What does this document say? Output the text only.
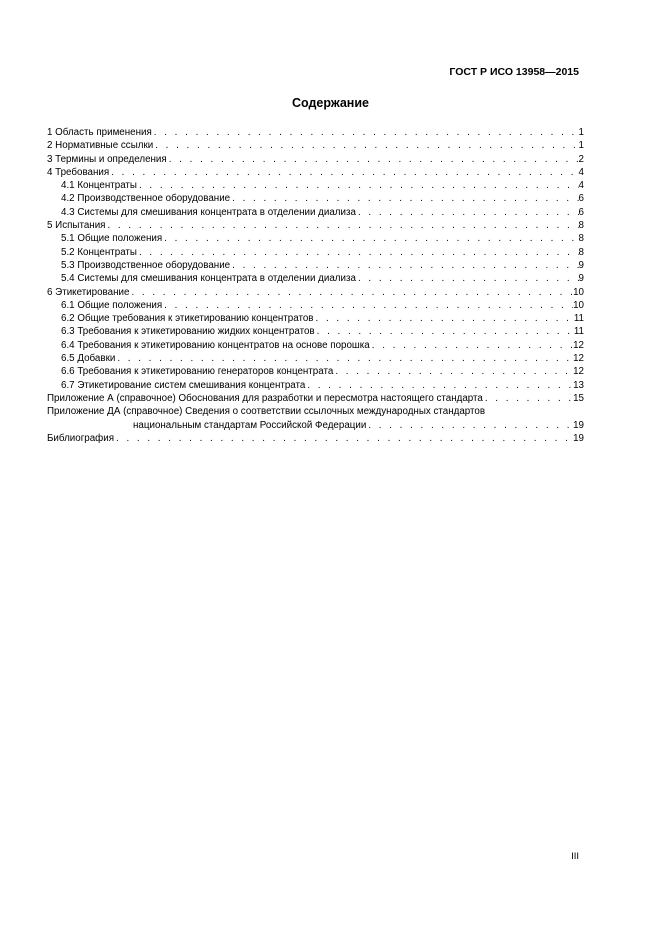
ГОСТ Р ИСО 13958—2015
Содержание
1 Область применения . . .	1
2 Нормативные ссылки . . .	1
3 Термины и определения . . .	2
4 Требования . . .	4
4.1 Концентраты . . .	4
4.2 Производственное оборудование . . .	6
4.3 Системы для смешивания концентрата в отделении диализа . . .	6
5 Испытания . . .	8
5.1 Общие положения . . .	8
5.2 Концентраты . . .	8
5.3 Производственное оборудование . . .	9
5.4 Системы для смешивания концентрата в отделении диализа . . .	9
6 Этикетирование . . .	10
6.1 Общие положения . . .	10
6.2 Общие требования к этикетированию концентратов . . .	11
6.3 Требования к этикетированию жидких концентратов . . .	11
6.4 Требования к этикетированию концентратов на основе порошка . . .	12
6.5 Добавки . . .	12
6.6 Требования к этикетированию генераторов концентрата . . .	12
6.7 Этикетирование систем смешивания концентрата . . .	13
Приложение А (справочное) Обоснования для разработки и пересмотра настоящего стандарта . . .	15
Приложение ДА (справочное) Сведения о соответствии ссылочных международных стандартов
национальным стандартам Российской Федерации . . .	19
Библиография . . .	19
III
